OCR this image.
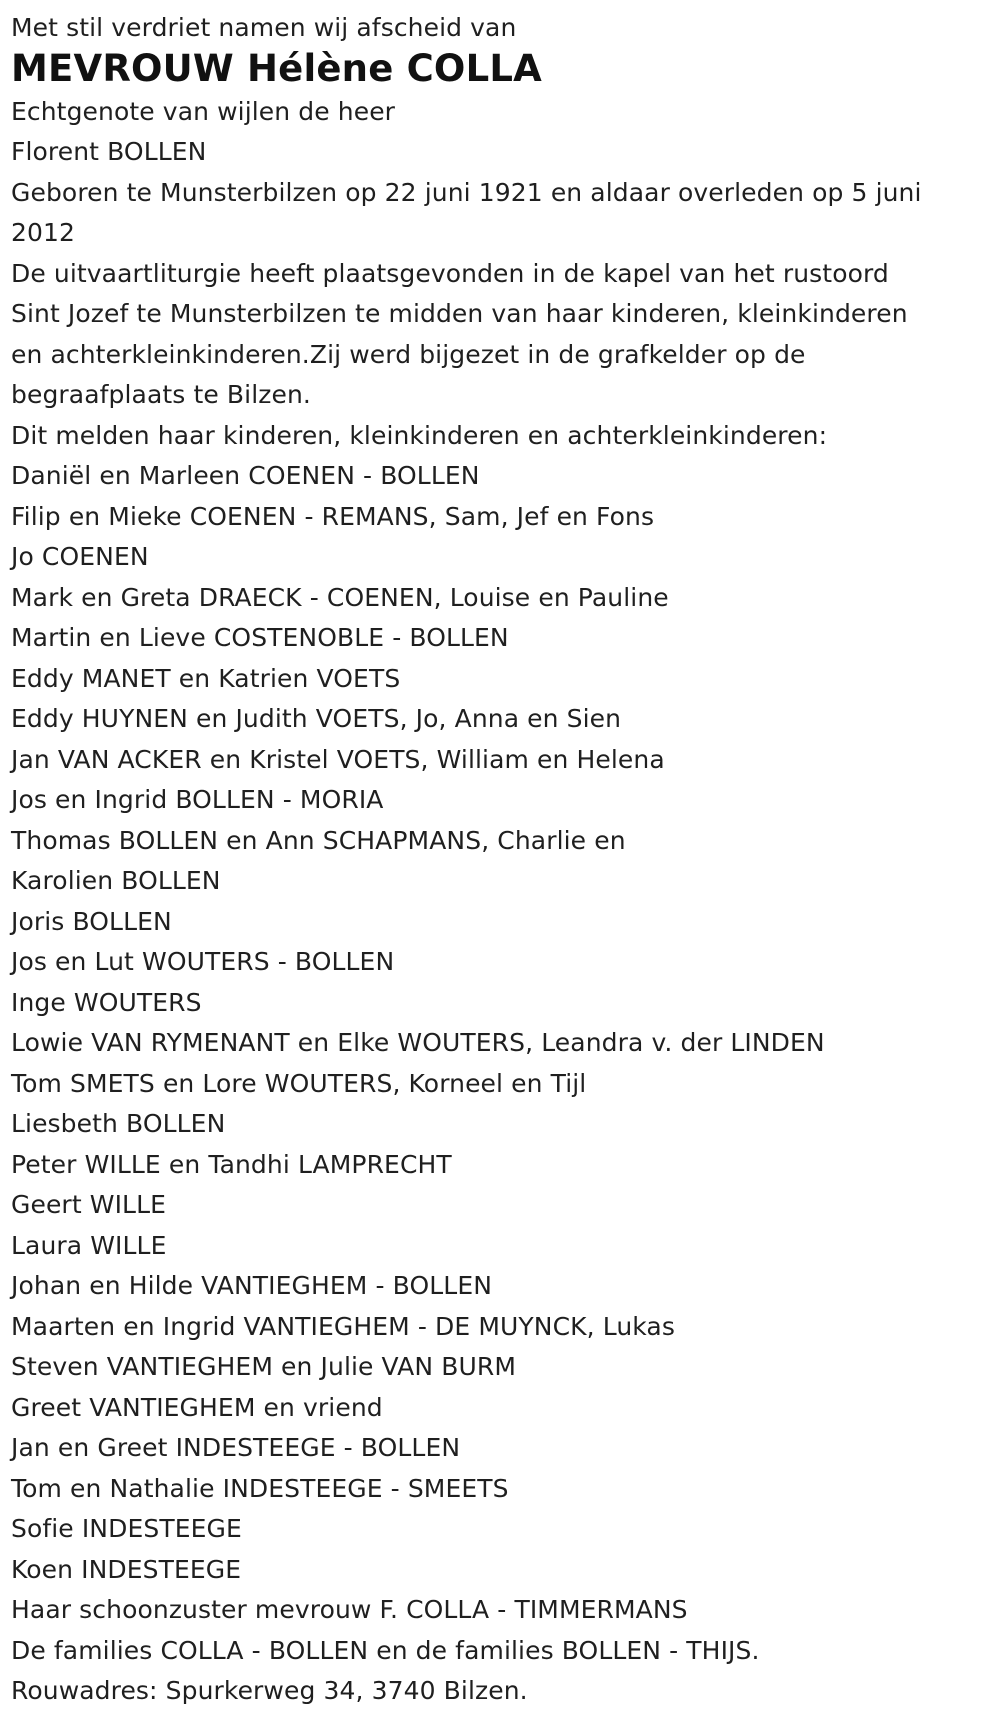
Met stil verdriet namen wij afscheid van
MEVROUW Hélène COLLA
Echtgenote van wijlen de heer
Florent BOLLEN
Geboren te Munsterbilzen op 22 juni 1921 en aldaar overleden op 5 juni
2012
De uitvaartliturgie heeft plaatsgevonden in de kapel van het rustoord
Sint Jozef te Munsterbilzen te midden van haar kinderen, kleinkinderen
en achterkleinkinderen.Zij werd bijgezet in de grafkelder op de
begraafplaats te Bilzen.
Dit melden haar kinderen, kleinkinderen en achterkleinkinderen:
Daniël en Marleen COENEN - BOLLEN
Filip en Mieke COENEN - REMANS, Sam, Jef en Fons
Jo COENEN
Mark en Greta DRAECK - COENEN, Louise en Pauline
Martin en Lieve COSTENOBLE - BOLLEN
Eddy MANET en Katrien VOETS
Eddy HUYNEN en Judith VOETS, Jo, Anna en Sien
Jan VAN ACKER en Kristel VOETS, William en Helena
Jos en Ingrid BOLLEN - MORIA
Thomas BOLLEN en Ann SCHAPMANS, Charlie en
Karolien BOLLEN
Joris BOLLEN
Jos en Lut WOUTERS - BOLLEN
Inge WOUTERS
Lowie VAN RYMENANT en Elke WOUTERS, Leandra v. der LINDEN
Tom SMETS en Lore WOUTERS, Korneel en Tijl
Liesbeth BOLLEN
Peter WILLE en Tandhi LAMPRECHT
Geert WILLE
Laura WILLE
Johan en Hilde VANTIEGHEM - BOLLEN
Maarten en Ingrid VANTIEGHEM - DE MUYNCK, Lukas
Steven VANTIEGHEM en Julie VAN BURM
Greet VANTIEGHEM en vriend
Jan en Greet INDESTEEGE - BOLLEN
Tom en Nathalie INDESTEEGE - SMEETS
Sofie INDESTEEGE
Koen INDESTEEGE
Haar schoonzuster mevrouw F. COLLA - TIMMERMANS
De families COLLA - BOLLEN en de families BOLLEN - THIJS.
Rouwadres: Spurkerweg 34, 3740 Bilzen.
